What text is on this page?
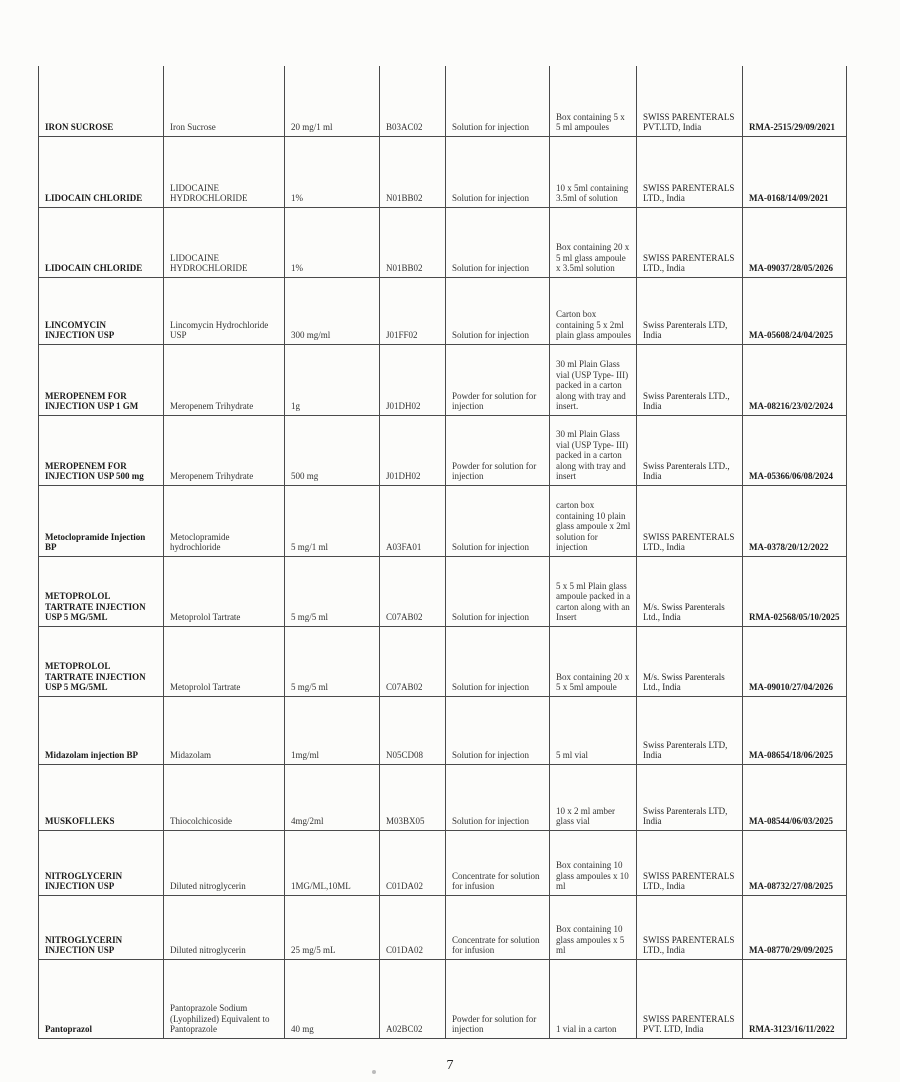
IRON SUCROSE	Iron Sucrose	20 mg/1 ml	B03AC02	Solution for injection	Box containing 5 x 5 ml ampoules	SWISS PARENTERALS PVT.LTD, India	RMA-2515/29/09/2021
LIDOCAIN CHLORIDE	LIDOCAINE HYDROCHLORIDE	1%	N01BB02	Solution for injection	10 x 5ml containing 3.5ml of solution	SWISS PARENTERALS LTD., India	MA-0168/14/09/2021
LIDOCAIN CHLORIDE	LIDOCAINE HYDROCHLORIDE	1%	N01BB02	Solution for injection	Box containing 20 x 5 ml glass ampoule x 3.5ml solution	SWISS PARENTERALS LTD., India	MA-09037/28/05/2026
LINCOMYCIN INJECTION USP	Lincomycin Hydrochloride USP	300 mg/ml	J01FF02	Solution for injection	Carton box containing 5 x 2ml plain glass ampoules	Swiss Parenterals LTD, India	MA-05608/24/04/2025
MEROPENEM FOR INJECTION USP 1 GM	Meropenem Trihydrate	1g	J01DH02	Powder for solution for injection	30 ml Plain Glass vial (USP Type- III) packed in a carton along with tray and insert.	Swiss Parenterals LTD., India	MA-08216/23/02/2024
MEROPENEM FOR INJECTION USP 500 mg	Meropenem Trihydrate	500 mg	J01DH02	Powder for solution for injection	30 ml Plain Glass vial (USP Type- III) packed in a carton along with tray and insert	Swiss Parenterals LTD., India	MA-05366/06/08/2024
Metoclopramide Injection BP	Metoclopramide hydrochloride	5 mg/1 ml	A03FA01	Solution for injection	carton box containing 10 plain glass ampoule x 2ml solution for injection	SWISS PARENTERALS LTD., India	MA-0378/20/12/2022
METOPROLOL TARTRATE INJECTION USP 5 MG/5ML	Metoprolol Tartrate	5 mg/5 ml	C07AB02	Solution for injection	5 x 5 ml Plain glass ampoule packed in a carton along with an Insert	M/s. Swiss Parenterals Ltd., India	RMA-02568/05/10/2025
METOPROLOL TARTRATE INJECTION USP 5 MG/5ML	Metoprolol Tartrate	5 mg/5 ml	C07AB02	Solution for injection	Box containing 20 x 5 x 5ml ampoule	M/s. Swiss Parenterals Ltd., India	MA-09010/27/04/2026
Midazolam injection BP	Midazolam	1mg/ml	N05CD08	Solution for injection	5 ml vial	Swiss Parenterals LTD, India	MA-08654/18/06/2025
MUSKOFLLEKS	Thiocolchicoside	4mg/2ml	M03BX05	Solution for injection	10 x 2 ml amber glass vial	Swiss Parenterals LTD, India	MA-08544/06/03/2025
NITROGLYCERIN INJECTION USP	Diluted nitroglycerin	1MG/ML,10ML	C01DA02	Concentrate for solution for infusion	Box containing 10 glass ampoules x 10 ml	SWISS PARENTERALS LTD., India	MA-08732/27/08/2025
NITROGLYCERIN INJECTION USP	Diluted nitroglycerin	25 mg/5 mL	C01DA02	Concentrate for solution for infusion	Box containing 10 glass ampoules x 5 ml	SWISS PARENTERALS LTD., India	MA-08770/29/09/2025
Pantoprazol	Pantoprazole Sodium (Lyophilized) Equivalent to Pantoprazole	40 mg	A02BC02	Powder for solution for injection	1 vial in a carton	SWISS PARENTERALS PVT. LTD, India	RMA-3123/16/11/2022
7
